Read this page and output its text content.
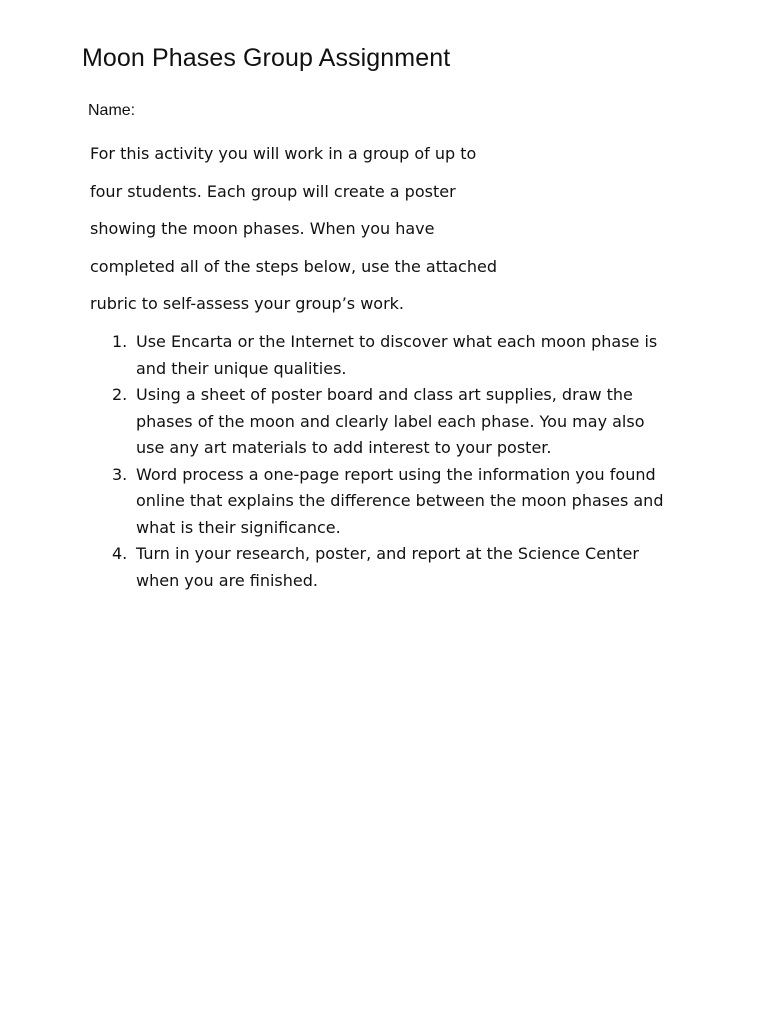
Moon Phases Group Assignment

Name:

For this activity you will work in a group of up to
four students. Each group will create a poster
showing the moon phases. When you have
completed all of the steps below, use the attached
rubric to self-assess your group’s work.
1. Use Encarta or the Internet to discover what each moon phase is
and their unique qualities.
2. Using a sheet of poster board and class art supplies, draw the
phases of the moon and clearly label each phase. You may also
use any art materials to add interest to your poster.
3. Word process a one-page report using the information you found
online that explains the difference between the moon phases and
what is their significance.
4. Turn in your research, poster, and report at the Science Center
when you are finished.
